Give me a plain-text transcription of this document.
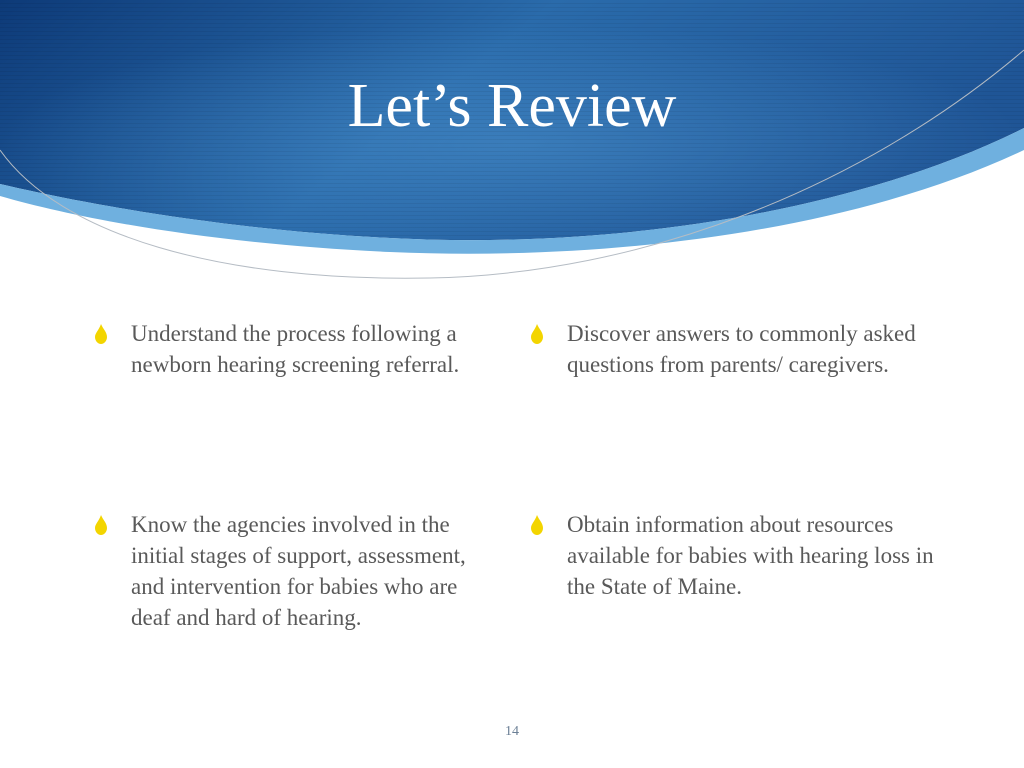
Let’s Review
Understand the process following a newborn hearing screening referral.
Discover answers to commonly asked questions from parents/ caregivers.
Know the agencies involved in the initial stages of support, assessment, and intervention for babies who are deaf and hard of hearing.
Obtain information about resources available for babies with hearing loss in the State of Maine.
14
